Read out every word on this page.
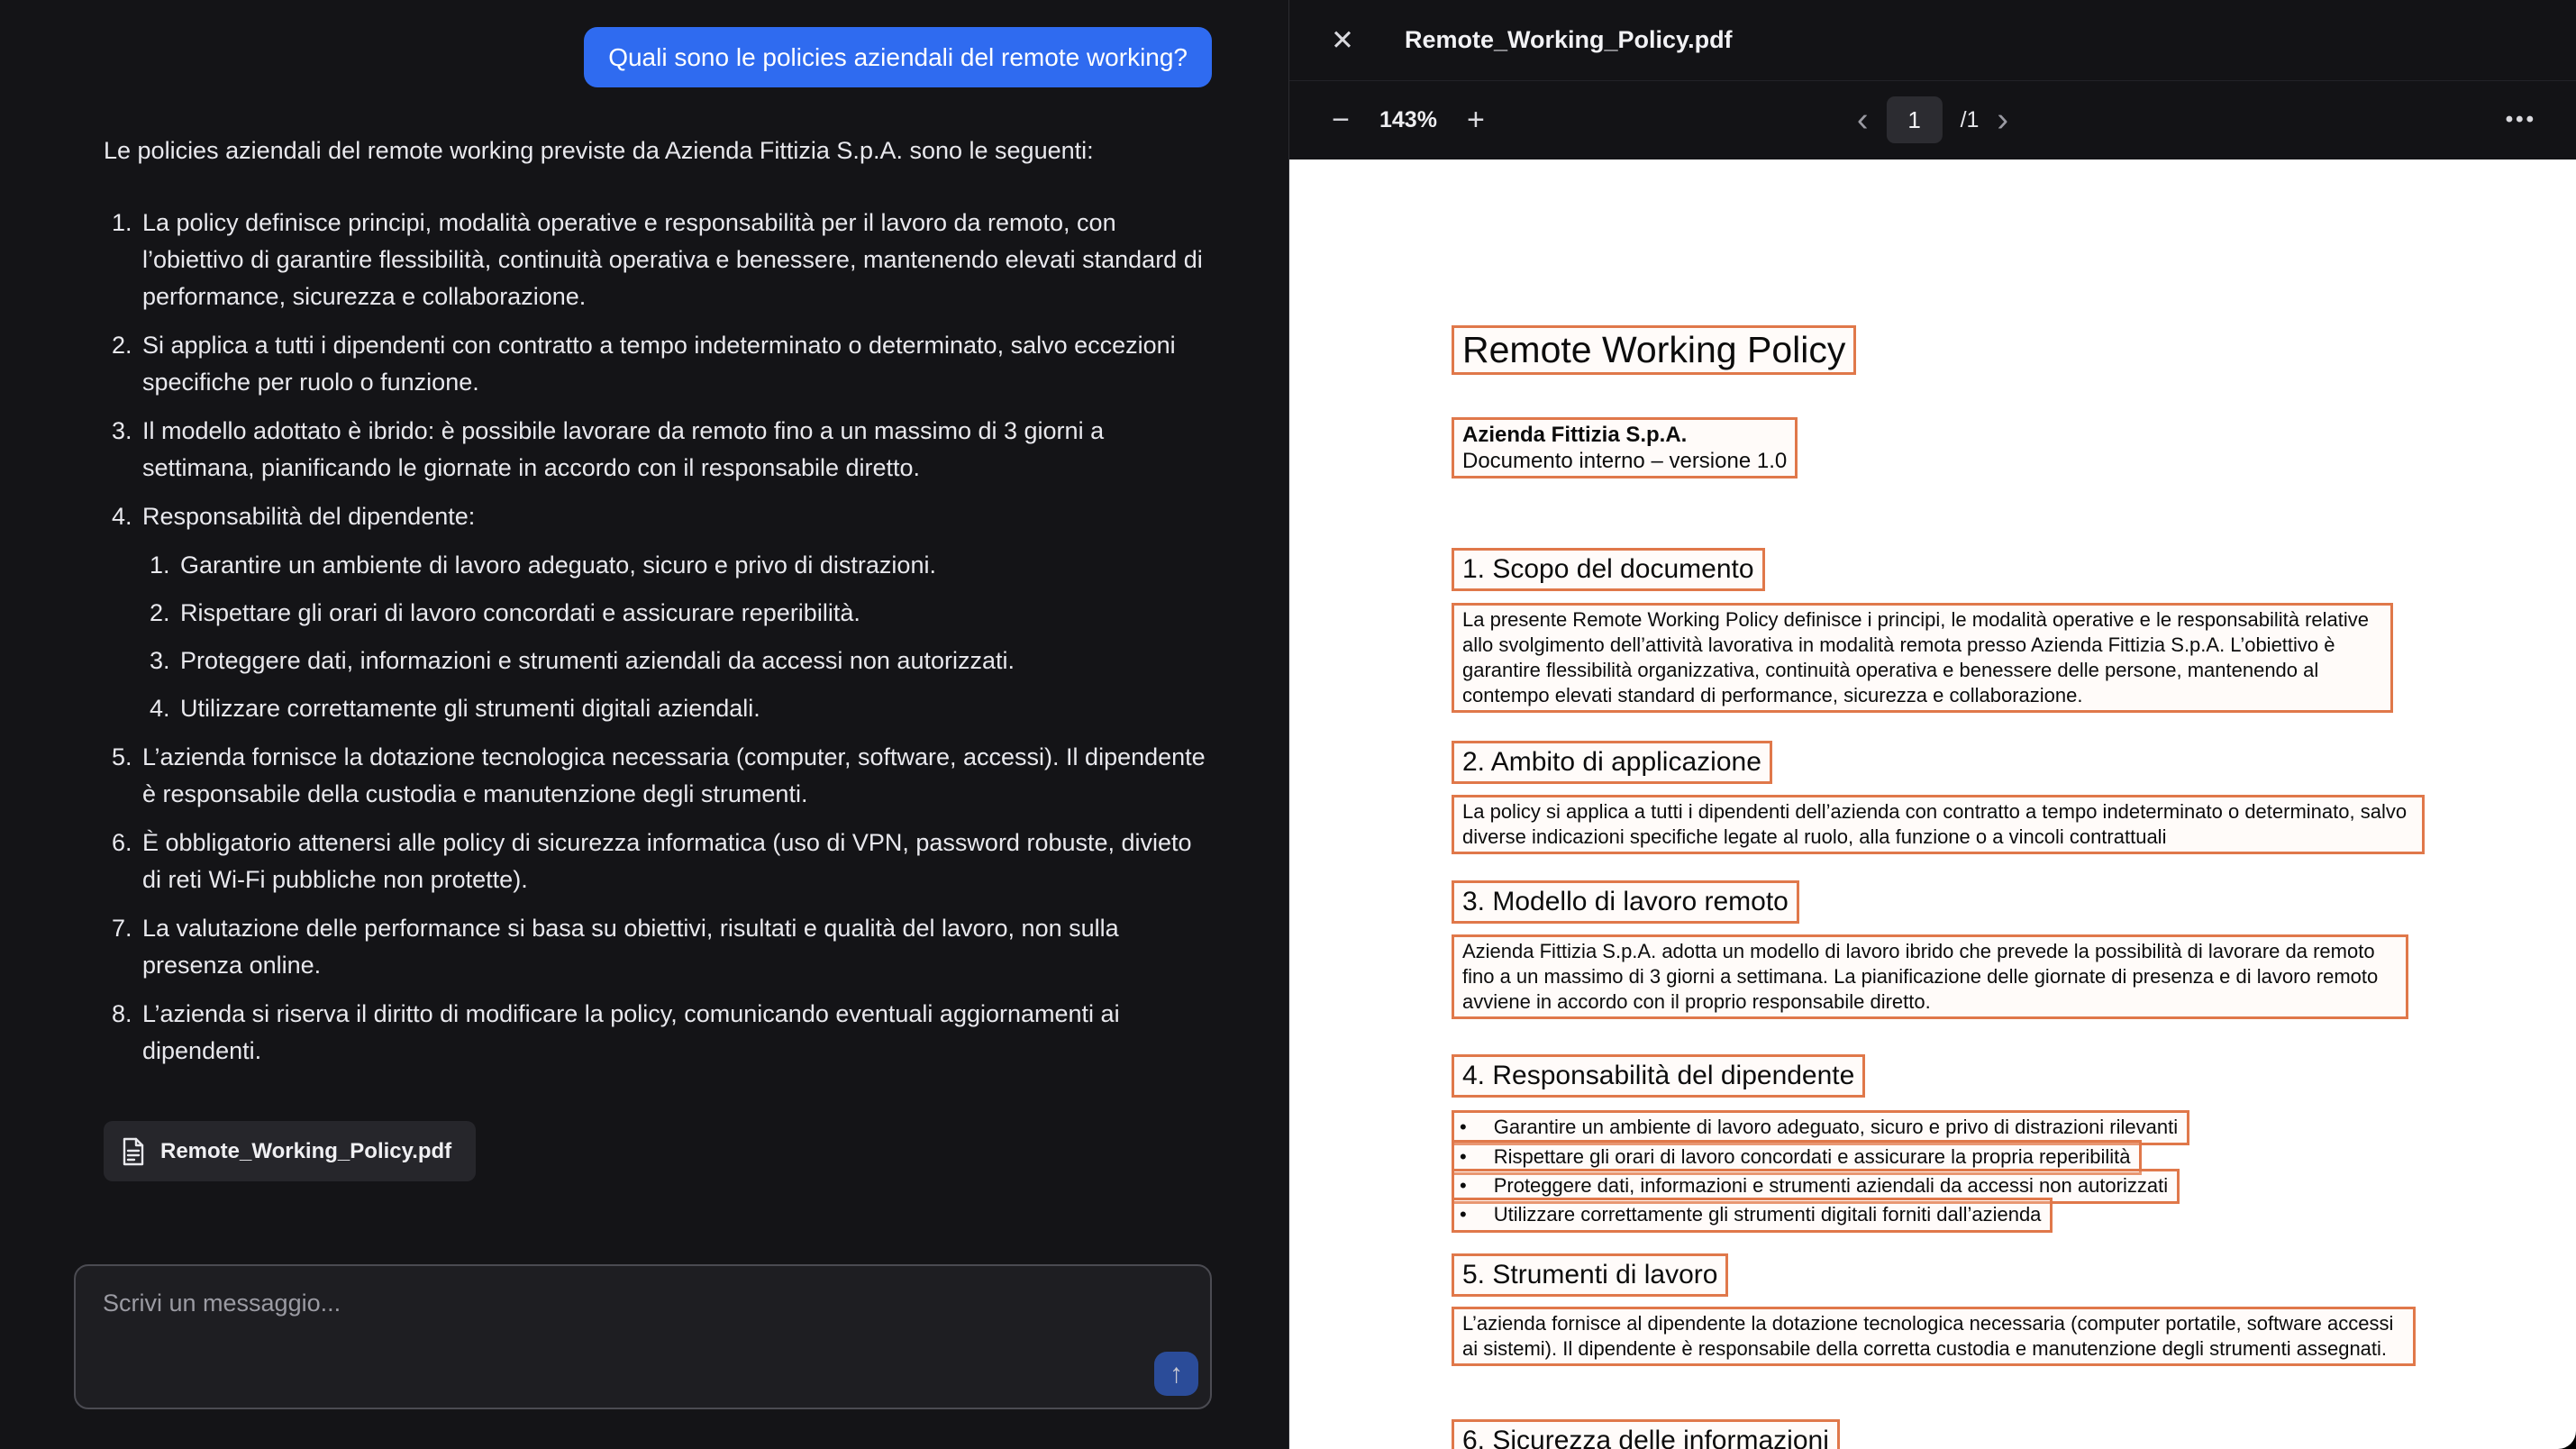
Quali sono le policies aziendali del remote working?

Le policies aziendali del remote working previste da Azienda Fittizia S.p.A. sono le seguenti:

1. La policy definisce principi, modalità operative e responsabilità per il lavoro da remoto, con l’obiettivo di garantire flessibilità, continuità operativa e benessere, mantenendo elevati standard di performance, sicurezza e collaborazione.
2. Si applica a tutti i dipendenti con contratto a tempo indeterminato o determinato, salvo eccezioni specifiche per ruolo o funzione.
3. Il modello adottato è ibrido: è possibile lavorare da remoto fino a un massimo di 3 giorni a settimana, pianificando le giornate in accordo con il responsabile diretto.
4. Responsabilità del dipendente:
1. Garantire un ambiente di lavoro adeguato, sicuro e privo di distrazioni.
2. Rispettare gli orari di lavoro concordati e assicurare reperibilità.
3. Proteggere dati, informazioni e strumenti aziendali da accessi non autorizzati.
4. Utilizzare correttamente gli strumenti digitali aziendali.
5. L’azienda fornisce la dotazione tecnologica necessaria (computer, software, accessi). Il dipendente è responsabile della custodia e manutenzione degli strumenti.
6. È obbligatorio attenersi alle policy di sicurezza informatica (uso di VPN, password robuste, divieto di reti Wi-Fi pubbliche non protette).
7. La valutazione delle performance si basa su obiettivi, risultati e qualità del lavoro, non sulla presenza online.
8. L’azienda si riserva il diritto di modificare la policy, comunicando eventuali aggiornamenti ai dipendenti.
Remote_Working_Policy.pdf
Scrivi un messaggio...
↑
✕ Remote_Working_Policy.pdf
−	143% +	‹	1	/1 ›	•••
Remote Working Policy
Azienda Fittizia S.p.A.
Documento interno – versione 1.0
1. Scopo del documento
La presente Remote Working Policy definisce i principi, le modalità operative e le responsabilità relative allo svolgimento dell’attività lavorativa in modalità remota presso Azienda Fittizia S.p.A. L’obiettivo è garantire flessibilità organizzativa, continuità operativa e benessere delle persone, mantenendo al contempo elevati standard di performance, sicurezza e collaborazione.
2. Ambito di applicazione
La policy si applica a tutti i dipendenti dell’azienda con contratto a tempo indeterminato o determinato, salvo diverse indicazioni specifiche legate al ruolo, alla funzione o a vincoli contrattuali
3. Modello di lavoro remoto
Azienda Fittizia S.p.A. adotta un modello di lavoro ibrido che prevede la possibilità di lavorare da remoto fino a un massimo di 3 giorni a settimana. La pianificazione delle giornate di presenza e di lavoro remoto avviene in accordo con il proprio responsabile diretto.
4. Responsabilità del dipendente
• Garantire un ambiente di lavoro adeguato, sicuro e privo di distrazioni rilevanti
• Rispettare gli orari di lavoro concordati e assicurare la propria reperibilità
• Proteggere dati, informazioni e strumenti aziendali da accessi non autorizzati
• Utilizzare correttamente gli strumenti digitali forniti dall’azienda
5. Strumenti di lavoro
L’azienda fornisce al dipendente la dotazione tecnologica necessaria (computer portatile, software accessi ai sistemi). Il dipendente è responsabile della corretta custodia e manutenzione degli strumenti assegnati.
6. Sicurezza delle informazioni
